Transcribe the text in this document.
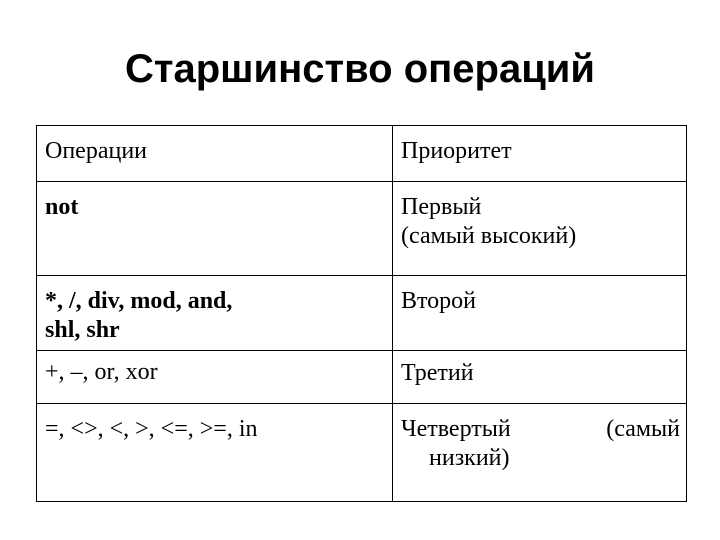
Старшинство операций
Операции	Приоритет
not	Первый
(самый высокий)

*, /, div, mod, and,
shl, shr	Второй
+, –, or, xor	Третий
=, <>, <, >, <=, >=, in	Четвертый (самый
низкий)
